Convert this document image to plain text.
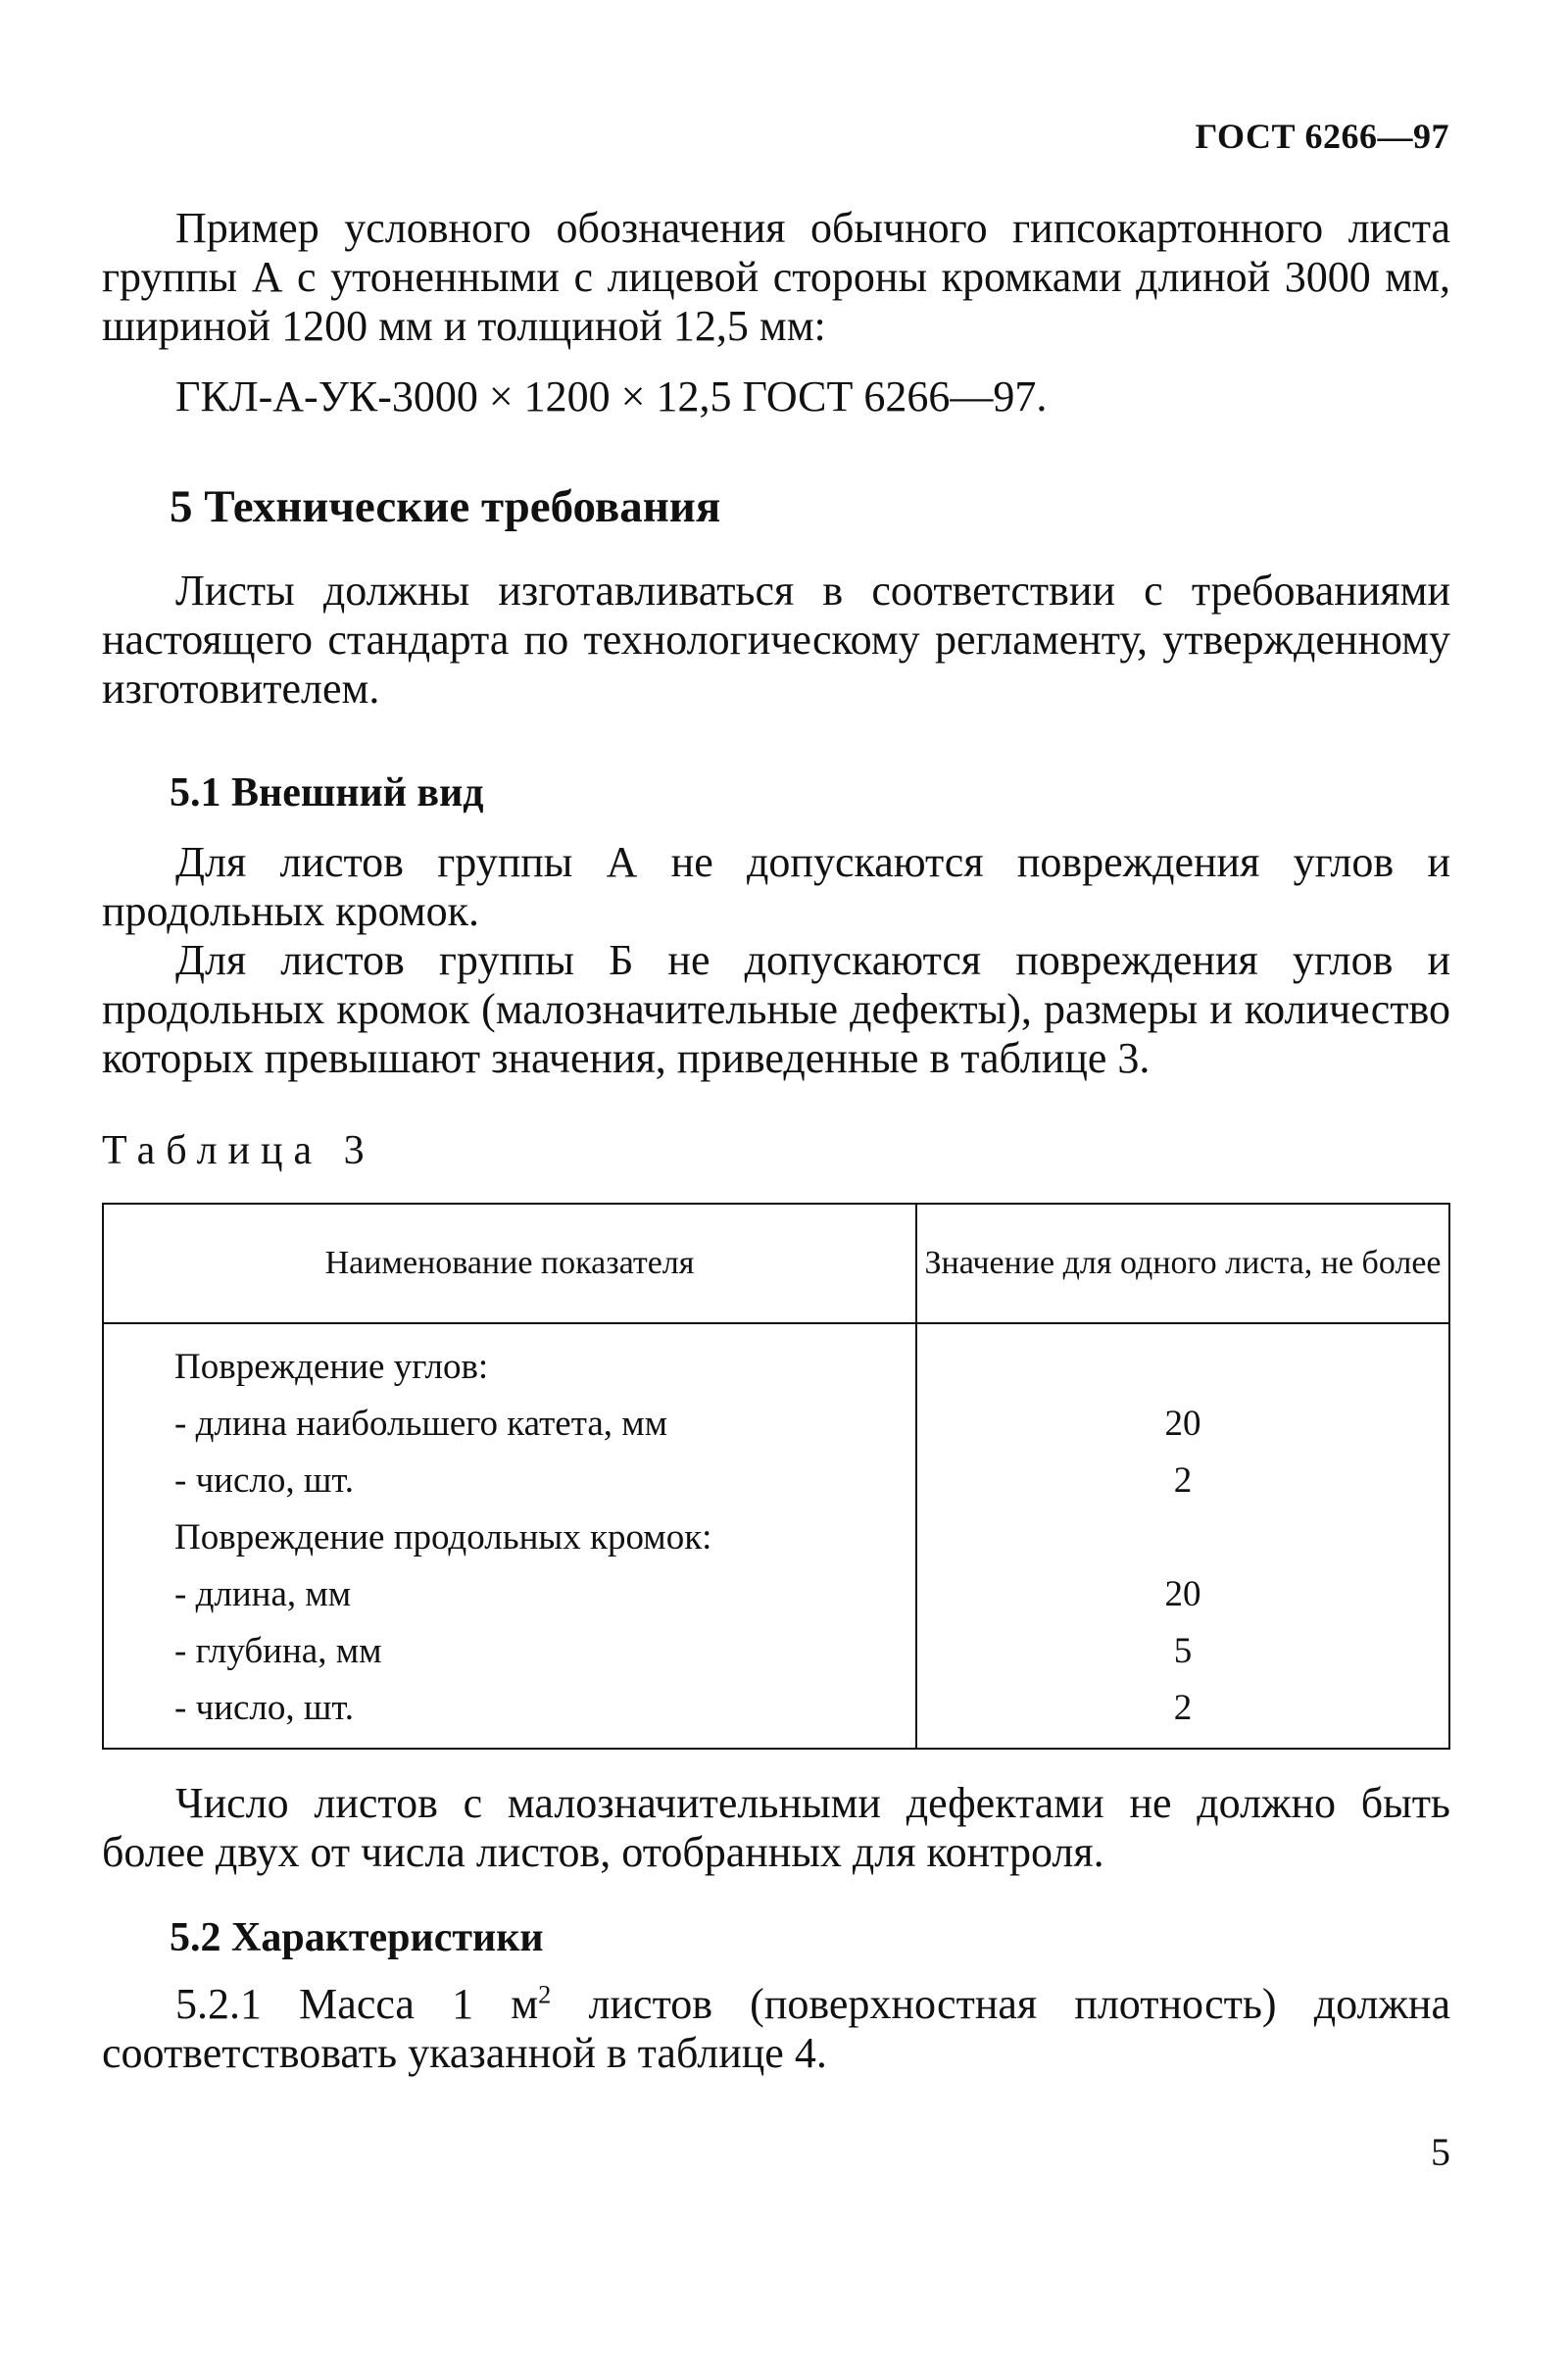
ГОСТ 6266—97
Пример условного обозначения обычного гипсокартонного листа группы А с утоненными с лицевой стороны кромками длиной 3000 мм, шириной 1200 мм и толщиной 12,5 мм:
ГКЛ-А-УК-3000 × 1200 × 12,5 ГОСТ 6266—97.
5 Технические требования
Листы должны изготавливаться в соответствии с требованиями настоящего стандарта по технологическому регламенту, утвержденному изготовителем.
5.1 Внешний вид
Для листов группы А не допускаются повреждения углов и продольных кромок.
Для листов группы Б не допускаются повреждения углов и продольных кромок (малозначительные дефекты), размеры и количество которых превышают значения, приведенные в таблице 3.
Таблица 3
Наименование показателя	Значение для одного листа, не более
Повреждение углов:	
- длина наибольшего катета, мм	20
- число, шт.	2
Повреждение продольных кромок:	
- длина, мм	20
- глубина, мм	5
- число, шт.	2
Число листов с малозначительными дефектами не должно быть более двух от числа листов, отобранных для контроля.
5.2 Характеристики
5.2.1 Масса 1 $м^2$ листов (поверхностная плотность) должна соответствовать указанной в таблице 4.
5
